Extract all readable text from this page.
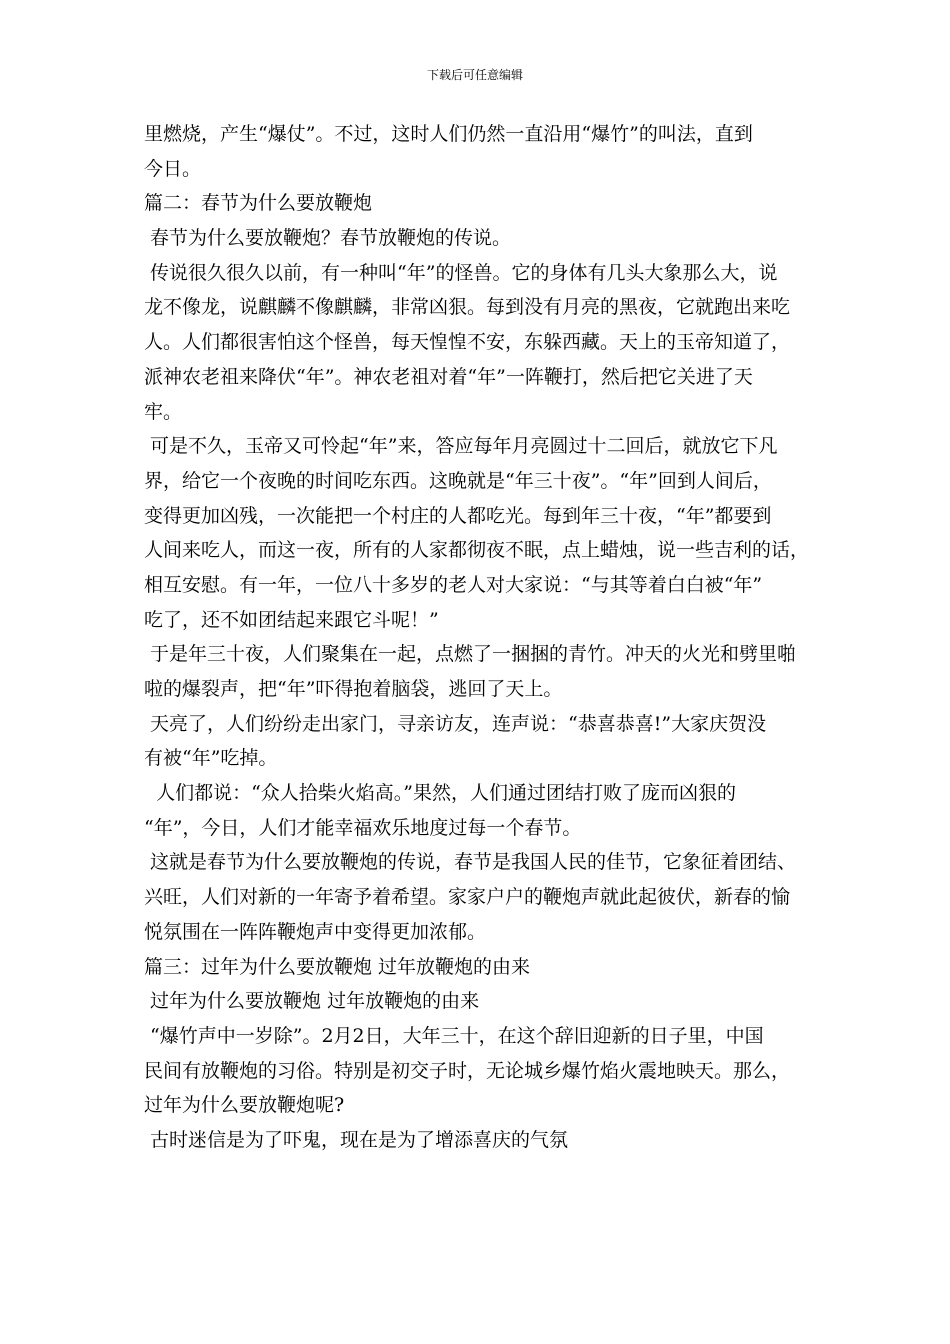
下载后可任意编辑
里燃烧，产生“爆仗”。不过，这时人们仍然一直沿用“爆竹”的叫法，直到
今日。
篇二：春节为什么要放鞭炮
春节为什么要放鞭炮？春节放鞭炮的传说。
传说很久很久以前，有一种叫“年”的怪兽。它的身体有几头大象那么大，说
龙不像龙，说麒麟不像麒麟，非常凶狠。每到没有月亮的黑夜，它就跑出来吃
人。人们都很害怕这个怪兽，每天惶惶不安，东躲西藏。天上的玉帝知道了，
派神农老祖来降伏“年”。神农老祖对着“年”一阵鞭打，然后把它关进了天
牢。
可是不久，玉帝又可怜起“年”来，答应每年月亮圆过十二回后，就放它下凡
界，给它一个夜晚的时间吃东西。这晚就是“年三十夜”。“年”回到人间后，
变得更加凶残，一次能把一个村庄的人都吃光。每到年三十夜，“年”都要到
人间来吃人，而这一夜，所有的人家都彻夜不眠，点上蜡烛，说一些吉利的话，
相互安慰。有一年，一位八十多岁的老人对大家说：“与其等着白白被“年”
吃了，还不如团结起来跟它斗呢！”
于是年三十夜，人们聚集在一起，点燃了一捆捆的青竹。冲天的火光和劈里啪
啦的爆裂声，把“年”吓得抱着脑袋，逃回了天上。
天亮了，人们纷纷走出家门，寻亲访友，连声说：“恭喜恭喜!”大家庆贺没
有被“年”吃掉。
人们都说：“众人拾柴火焰高。”果然，人们通过团结打败了庞而凶狠的
“年”，今日，人们才能幸福欢乐地度过每一个春节。
这就是春节为什么要放鞭炮的传说，春节是我国人民的佳节，它象征着团结、
兴旺，人们对新的一年寄予着希望。家家户户的鞭炮声就此起彼伏，新春的愉
悦氛围在一阵阵鞭炮声中变得更加浓郁。
篇三：过年为什么要放鞭炮 过年放鞭炮的由来
过年为什么要放鞭炮 过年放鞭炮的由来
“爆竹声中一岁除”。2月2日，大年三十，在这个辞旧迎新的日子里，中国
民间有放鞭炮的习俗。特别是初交子时，无论城乡爆竹焰火震地映天。那么，
过年为什么要放鞭炮呢?
古时迷信是为了吓鬼，现在是为了增添喜庆的气氛
